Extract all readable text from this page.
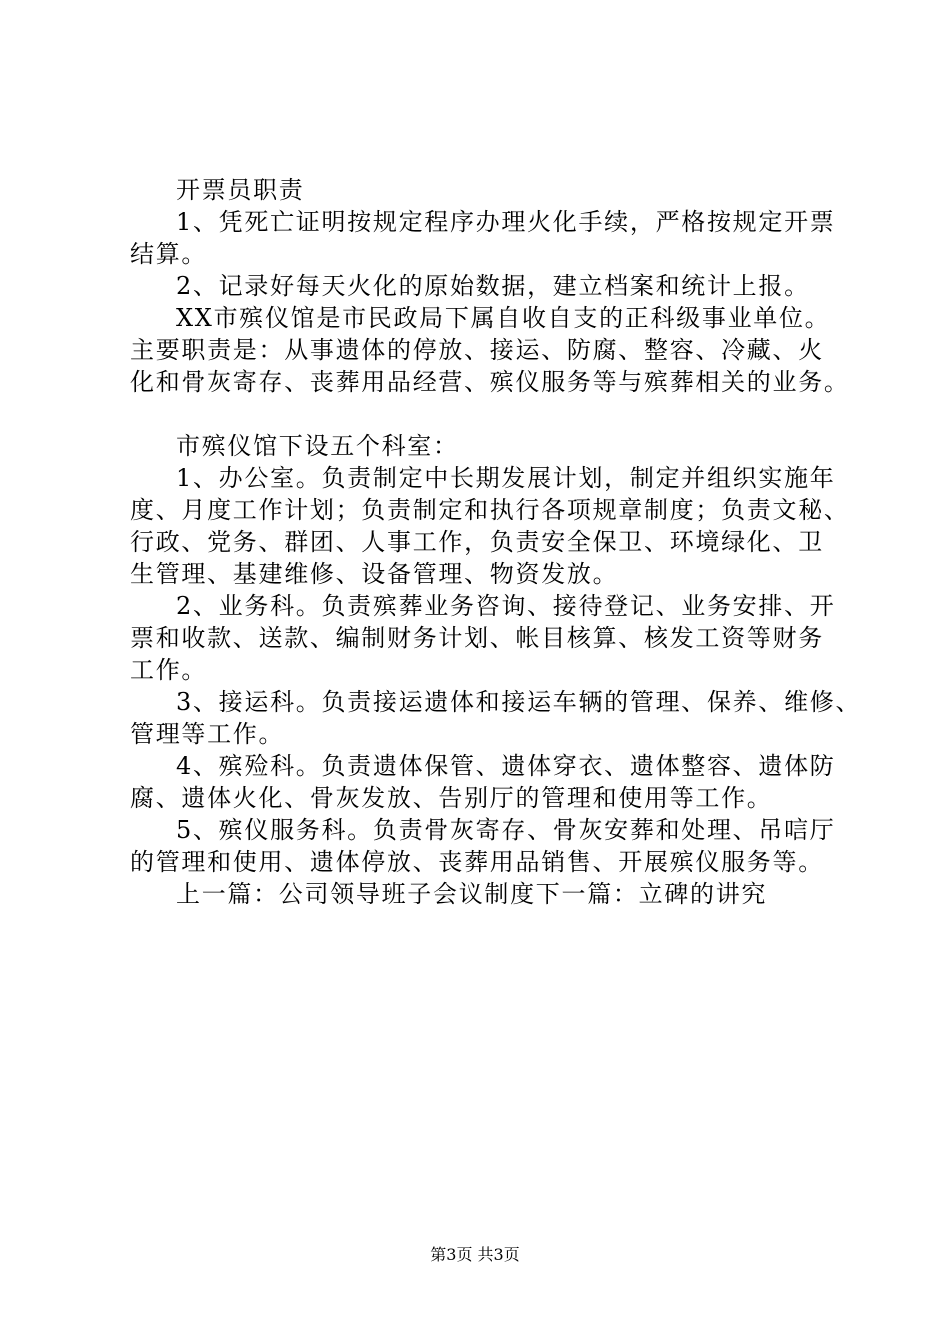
开票员职责
1、凭死亡证明按规定程序办理火化手续，严格按规定开票
结算。
2、记录好每天火化的原始数据，建立档案和统计上报。
XX市殡仪馆是市民政局下属自收自支的正科级事业单位。
主要职责是：从事遗体的停放、接运、防腐、整容、冷藏、火
化和骨灰寄存、丧葬用品经营、殡仪服务等与殡葬相关的业务。
市殡仪馆下设五个科室：
1、办公室。负责制定中长期发展计划，制定并组织实施年
度、月度工作计划；负责制定和执行各项规章制度；负责文秘、
行政、党务、群团、人事工作，负责安全保卫、环境绿化、卫
生管理、基建维修、设备管理、物资发放。
2、业务科。负责殡葬业务咨询、接待登记、业务安排、开
票和收款、送款、编制财务计划、帐目核算、核发工资等财务
工作。
3、接运科。负责接运遗体和接运车辆的管理、保养、维修、
管理等工作。
4、殡殓科。负责遗体保管、遗体穿衣、遗体整容、遗体防
腐、遗体火化、骨灰发放、告别厅的管理和使用等工作。
5、殡仪服务科。负责骨灰寄存、骨灰安葬和处理、吊唁厅
的管理和使用、遗体停放、丧葬用品销售、开展殡仪服务等。
上一篇：公司领导班子会议制度下一篇：立碑的讲究
第3页 共3页
